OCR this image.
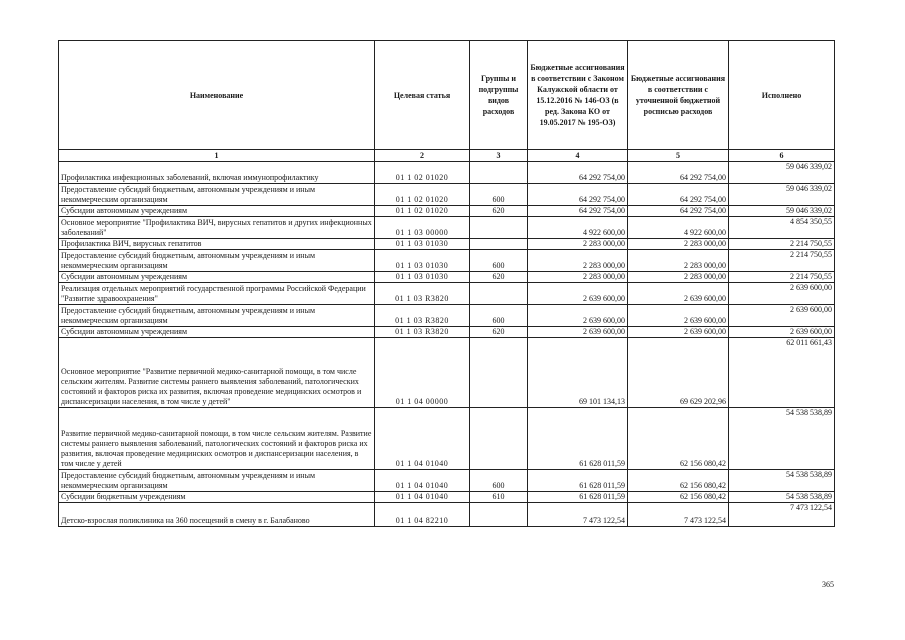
Наименование	Целевая статья	Группы и подгруппы видов расходов	Бюджетные ассигнования в соответствии с Законом Калужской области от 15.12.2016 № 146-ОЗ (в ред. Закона КО от 19.05.2017 № 195-ОЗ)	Бюджетные ассигнования в соответствии с уточненной бюджетной росписью расходов	Исполнено
1	2	3	4	5	6
Профилактика инфекционных заболеваний, включая иммунопрофилактику	01 1 02 01020		64 292 754,00	64 292 754,00	59 046 339,02
Предоставление субсидий бюджетным, автономным учреждениям и иным некоммерческим организациям	01 1 02 01020	600	64 292 754,00	64 292 754,00	59 046 339,02
Субсидии автономным учреждениям	01 1 02 01020	620	64 292 754,00	64 292 754,00	59 046 339,02
Основное мероприятие "Профилактика ВИЧ, вирусных гепатитов и других инфекционных заболеваний"	01 1 03 00000		4 922 600,00	4 922 600,00	4 854 350,55
Профилактика ВИЧ, вирусных гепатитов	01 1 03 01030		2 283 000,00	2 283 000,00	2 214 750,55
Предоставление субсидий бюджетным, автономным учреждениям и иным некоммерческим организациям	01 1 03 01030	600	2 283 000,00	2 283 000,00	2 214 750,55
Субсидии автономным учреждениям	01 1 03 01030	620	2 283 000,00	2 283 000,00	2 214 750,55
Реализация отдельных мероприятий государственной программы Российской Федерации "Развитие здравоохранения"	01 1 03 R3820		2 639 600,00	2 639 600,00	2 639 600,00
Предоставление субсидий бюджетным, автономным учреждениям и иным некоммерческим организациям	01 1 03 R3820	600	2 639 600,00	2 639 600,00	2 639 600,00
Субсидии автономным учреждениям	01 1 03 R3820	620	2 639 600,00	2 639 600,00	2 639 600,00
Основное мероприятие "Развитие первичной медико-санитарной помощи, в том числе сельским жителям. Развитие системы раннего выявления заболеваний, патологических состояний и факторов риска их развития, включая проведение медицинских осмотров и диспансеризации населения, в том числе у детей"	01 1 04 00000		69 101 134,13	69 629 202,96	62 011 661,43
Развитие первичной медико-санитарной помощи, в том числе сельским жителям. Развитие системы раннего выявления заболеваний, патологических состояний и факторов риска их развития, включая проведение медицинских осмотров и диспансеризации населения, в том числе у детей	01 1 04 01040		61 628 011,59	62 156 080,42	54 538 538,89
Предоставление субсидий бюджетным, автономным учреждениям и иным некоммерческим организациям	01 1 04 01040	600	61 628 011,59	62 156 080,42	54 538 538,89
Субсидии бюджетным учреждениям	01 1 04 01040	610	61 628 011,59	62 156 080,42	54 538 538,89
Детско-взрослая поликлиника на 360 посещений в смену в г. Балабаново	01 1 04 82210		7 473 122,54	7 473 122,54	7 473 122,54
365
